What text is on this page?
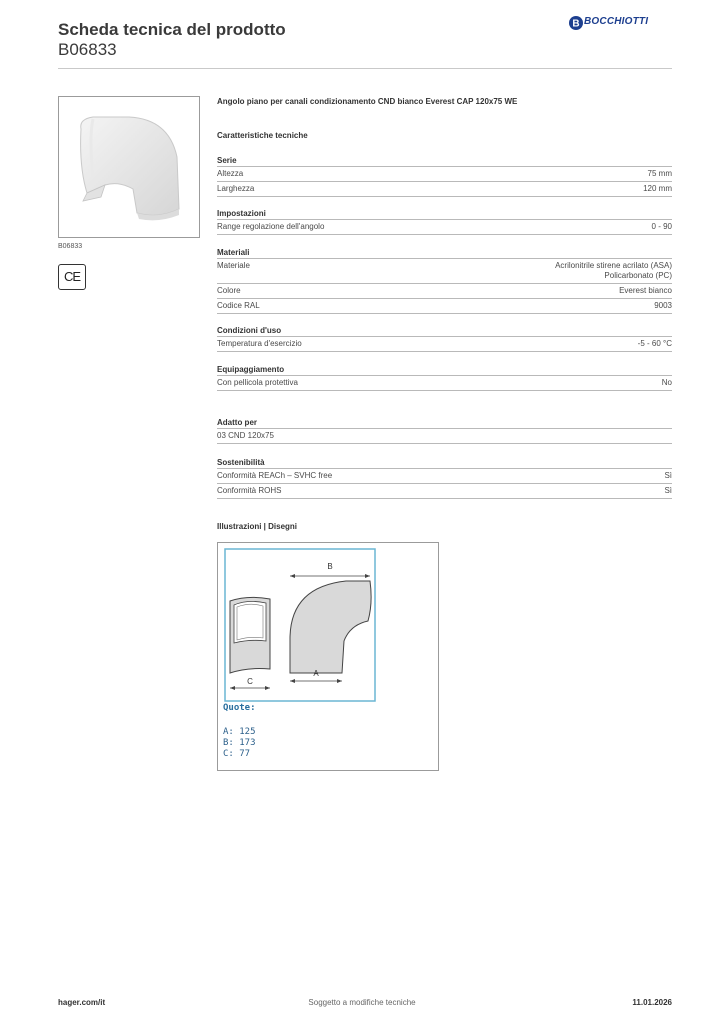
Scheda tecnica del prodotto
B06833
B BOCCHIOTTI
B06833
CE
Angolo piano per canali condizionamento CND bianco Everest CAP 120x75 WE
Caratteristiche tecniche
Serie
Altezza	75 mm
Larghezza	120 mm
Impostazioni
Range regolazione dell'angolo	0 - 90
Materiali
Materiale	Acrilonitrile stirene acrilato (ASA)
Policarbonato (PC)
Colore	Everest bianco
Codice RAL	9003
Condizioni d'uso
Temperatura d'esercizio	-5 - 60 °C
Equipaggiamento
Con pellicola protettiva	No
Adatto per
03 CND 120x75
Sostenibilità
Conformità REACh – SVHC free	Sì
Conformità ROHS	Sì
Illustrazioni | Disegni
C
B
A
Quote:
A: 125
B: 173
C: 77
Soggetto a modifiche tecniche
hager.com/it	11.01.2026
